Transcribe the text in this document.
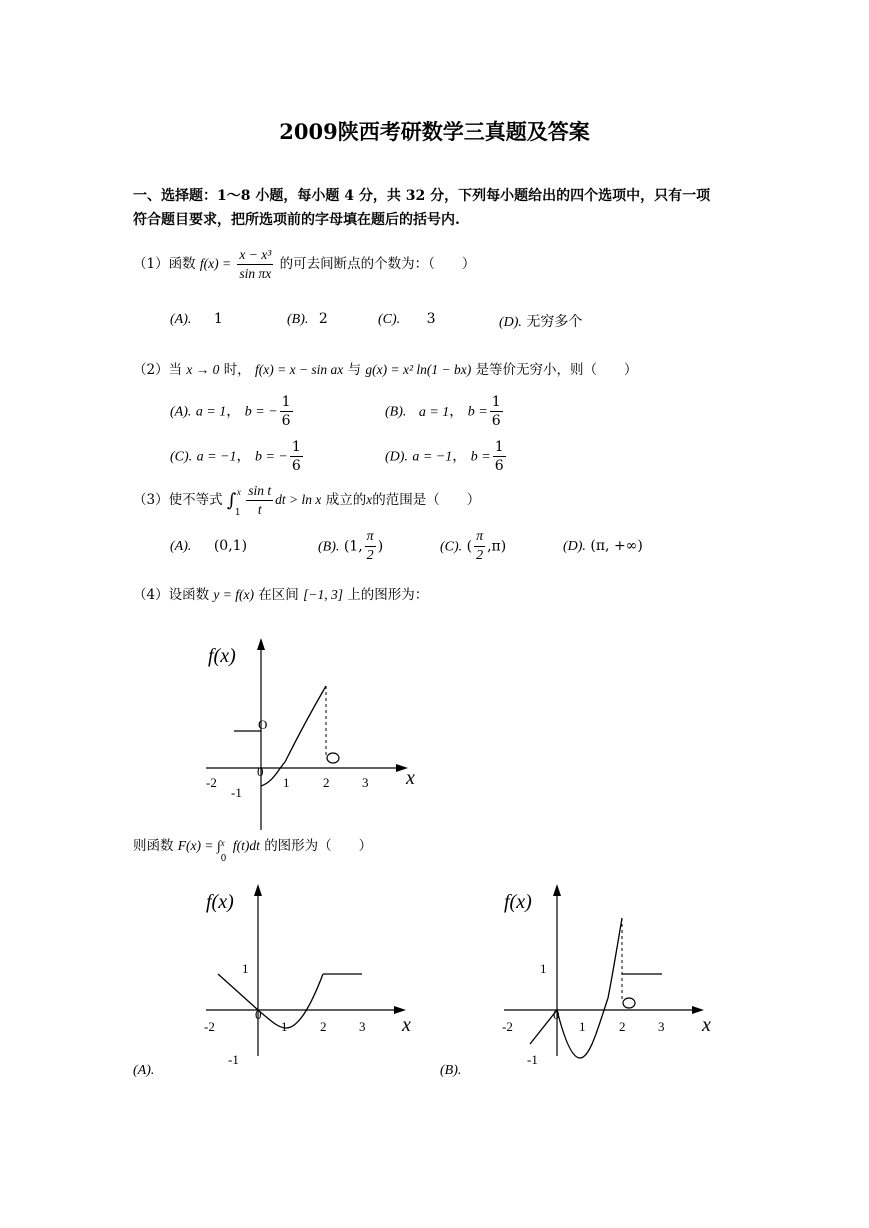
2009陕西考研数学三真题及答案
一、选择题：1～8 小题，每小题 4 分，共 32 分，下列每小题给出的四个选项中，只有一项
符合题目要求，把所选项前的字母填在题后的括号内.
（1）函数 $f(x) = \frac{\text{x − x³}}{\text{sin πx}}$ 的可去间断点的个数为：（　　）
(A). 1	(B). 2	(C). 3	(D). 无穷多个
（2）当 x → 0 时， f(x) = x − sin ax 与 g(x) = x² ln(1 − bx) 是等价无穷小，则（　　）
(A). a = 1， b = − $\frac{1}{6}$	(B). a = 1， $b = \frac{1}{6}$
(C). a = −1， b = − $\frac{1}{6}$	(D). a = −1， $b = \frac{1}{6}$
（3）使不等式 ∫ x
$1 \frac{\text{sin t}}{t}$ dt > ln x 成立的x的范围是（　　）
(A). (0,1)	(B). (1, $\frac{\pi}{2}$ )	(C). ( $\frac{\pi}{2} ,\pi$)	(D). (π, +∞)
（4）设函数 y = f(x) 在区间 [−1, 3] 上的图形为：
f(x)
x
-2
0
1	2	3
-1
O
则函数 F(x) = ∫ x
0
f(t)dt 的图形为（　　）
f(x)
x
-2
0
1	2	3
1
-1
(A).
f(x)
x
-2
0
1	2	3
1
-1
(B).
